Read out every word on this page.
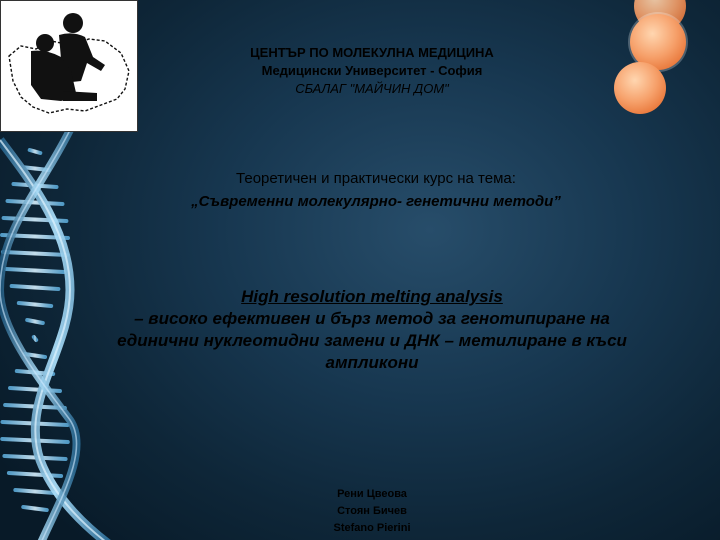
ЦЕНТЪР ПО МОЛЕКУЛНА МЕДИЦИНА

Медицински Университет - София

СБАЛАГ "МАЙЧИН ДОМ"

Теоретичен и практически курс на тема:

„Съвременни молекулярно- генетични методи”

High resolution melting analysis
– високо ефективен и бърз метод за генотипиране на
единични нуклеотидни замени и ДНК – метилиране в къси
ампликони
Рени Цвеова
Стоян Бичев
Stefano Pierini
